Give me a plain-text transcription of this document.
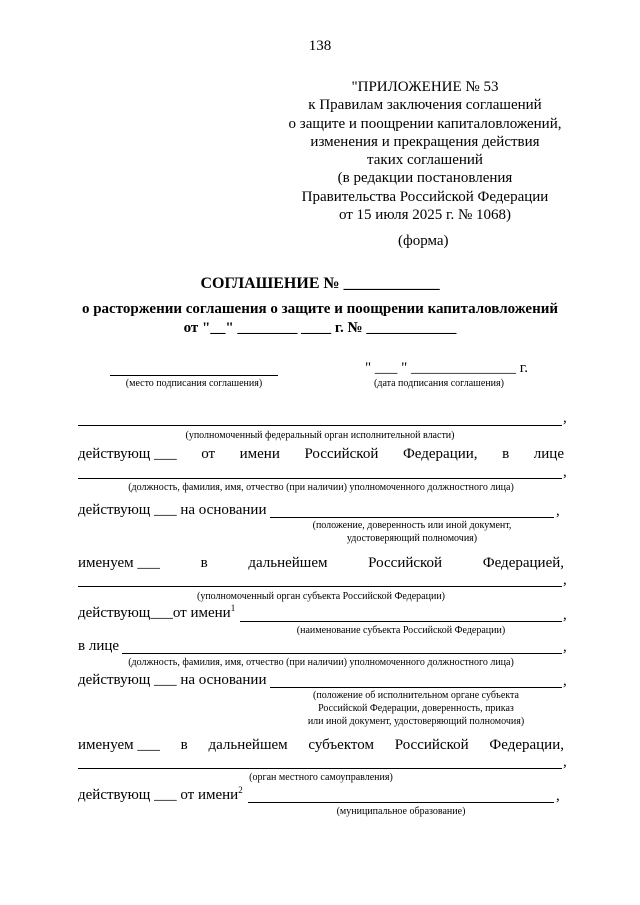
138
"ПРИЛОЖЕНИЕ № 53
к Правилам заключения соглашений
о защите и поощрении капиталовложений,
изменения и прекращения действия
таких соглашений
(в редакции постановления
Правительства Российской Федерации
от 15 июля 2025 г. № 1068)
(форма)
СОГЛАШЕНИЕ № ____________
о расторжении соглашения о защите и поощрении капиталовложений
от "__" ________ ____ г. № ____________
(место подписания соглашения)
" ___ " ______________ г.
(дата подписания соглашения)
,
(уполномоченный федеральный орган исполнительной власти)
действующ ___ от имени Российской Федерации, в лице
,
(должность, фамилия, имя, отчество (при наличии) уполномоченного должностного лица)
действующ ___ на основании	,
(положение, доверенность или иной документ,
удостоверяющий полномочия)
именуем ___	в	дальнейшем	Российской	Федерацией,
,
(уполномоченный орган субъекта Российской Федерации)
действующ___от имени$^1$	,
(наименование субъекта Российской Федерации)
в лице	,
(должность, фамилия, имя, отчество (при наличии) уполномоченного должностного лица)
действующ ___ на основании	,
(положение об исполнительном органе субъекта
Российской Федерации, доверенность, приказ
или иной документ, удостоверяющий полномочия)
именуем ___ в дальнейшем субъектом Российской Федерации,
,
(орган местного самоуправления)
действующ ___ от имени$^2$	,
(муниципальное образование)
